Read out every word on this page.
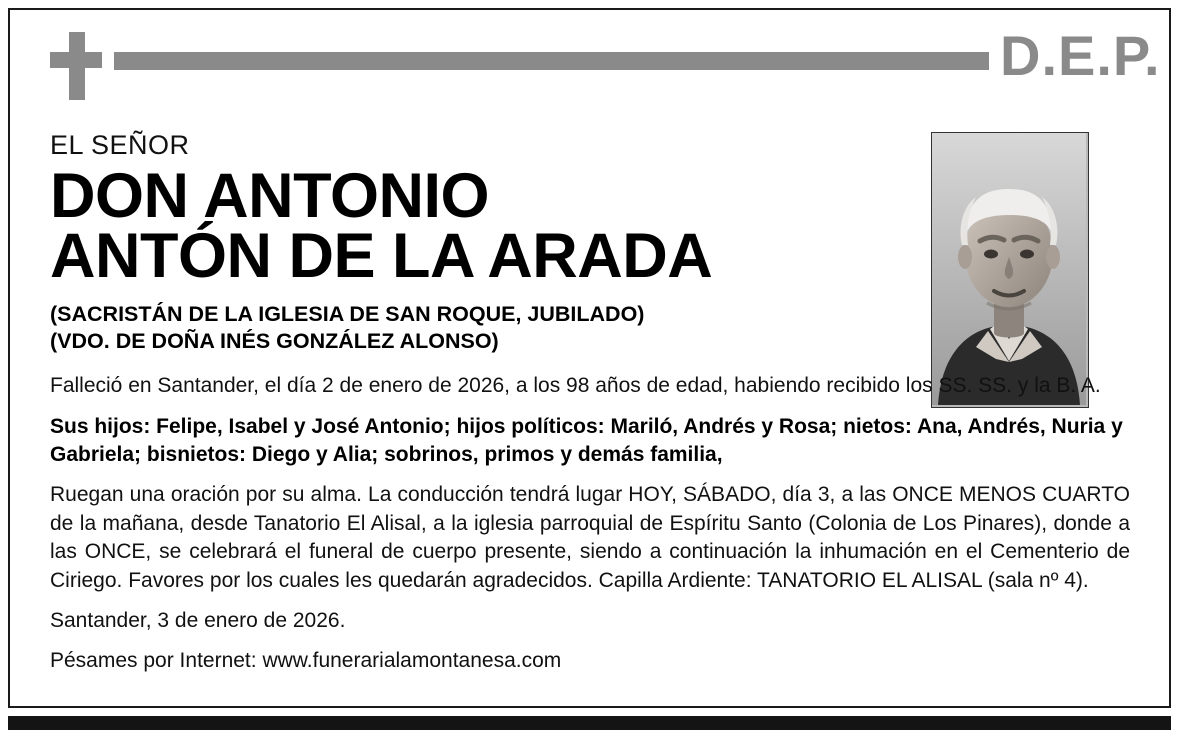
D.E.P.
EL SEÑOR
DON ANTONIO
ANTÓN DE LA ARADA
(SACRISTÁN DE LA IGLESIA DE SAN ROQUE, JUBILADO)
(VDO. DE DOÑA INÉS GONZÁLEZ ALONSO)
Falleció en Santander, el día 2 de enero de 2026, a los 98 años de edad, habiendo recibido los SS. SS. y la B. A.
Sus hijos: Felipe, Isabel y José Antonio; hijos políticos: Mariló, Andrés y Rosa; nietos: Ana, Andrés, Nuria y Gabriela; bisnietos: Diego y Alia; sobrinos, primos y demás familia,
Ruegan una oración por su alma. La conducción tendrá lugar HOY, SÁBADO, día 3, a las ONCE MENOS CUARTO de la mañana, desde Tanatorio El Alisal, a la iglesia parroquial de Espíritu Santo (Colonia de Los Pinares), donde a las ONCE, se celebrará el funeral de cuerpo presente, siendo a continuación la inhumación en el Cementerio de Ciriego. Favores por los cuales les quedarán agradecidos. Capilla Ardiente: TANATORIO EL ALISAL (sala nº 4).
Santander, 3 de enero de 2026.
Pésames por Internet: www.funerarialamontanesa.com
